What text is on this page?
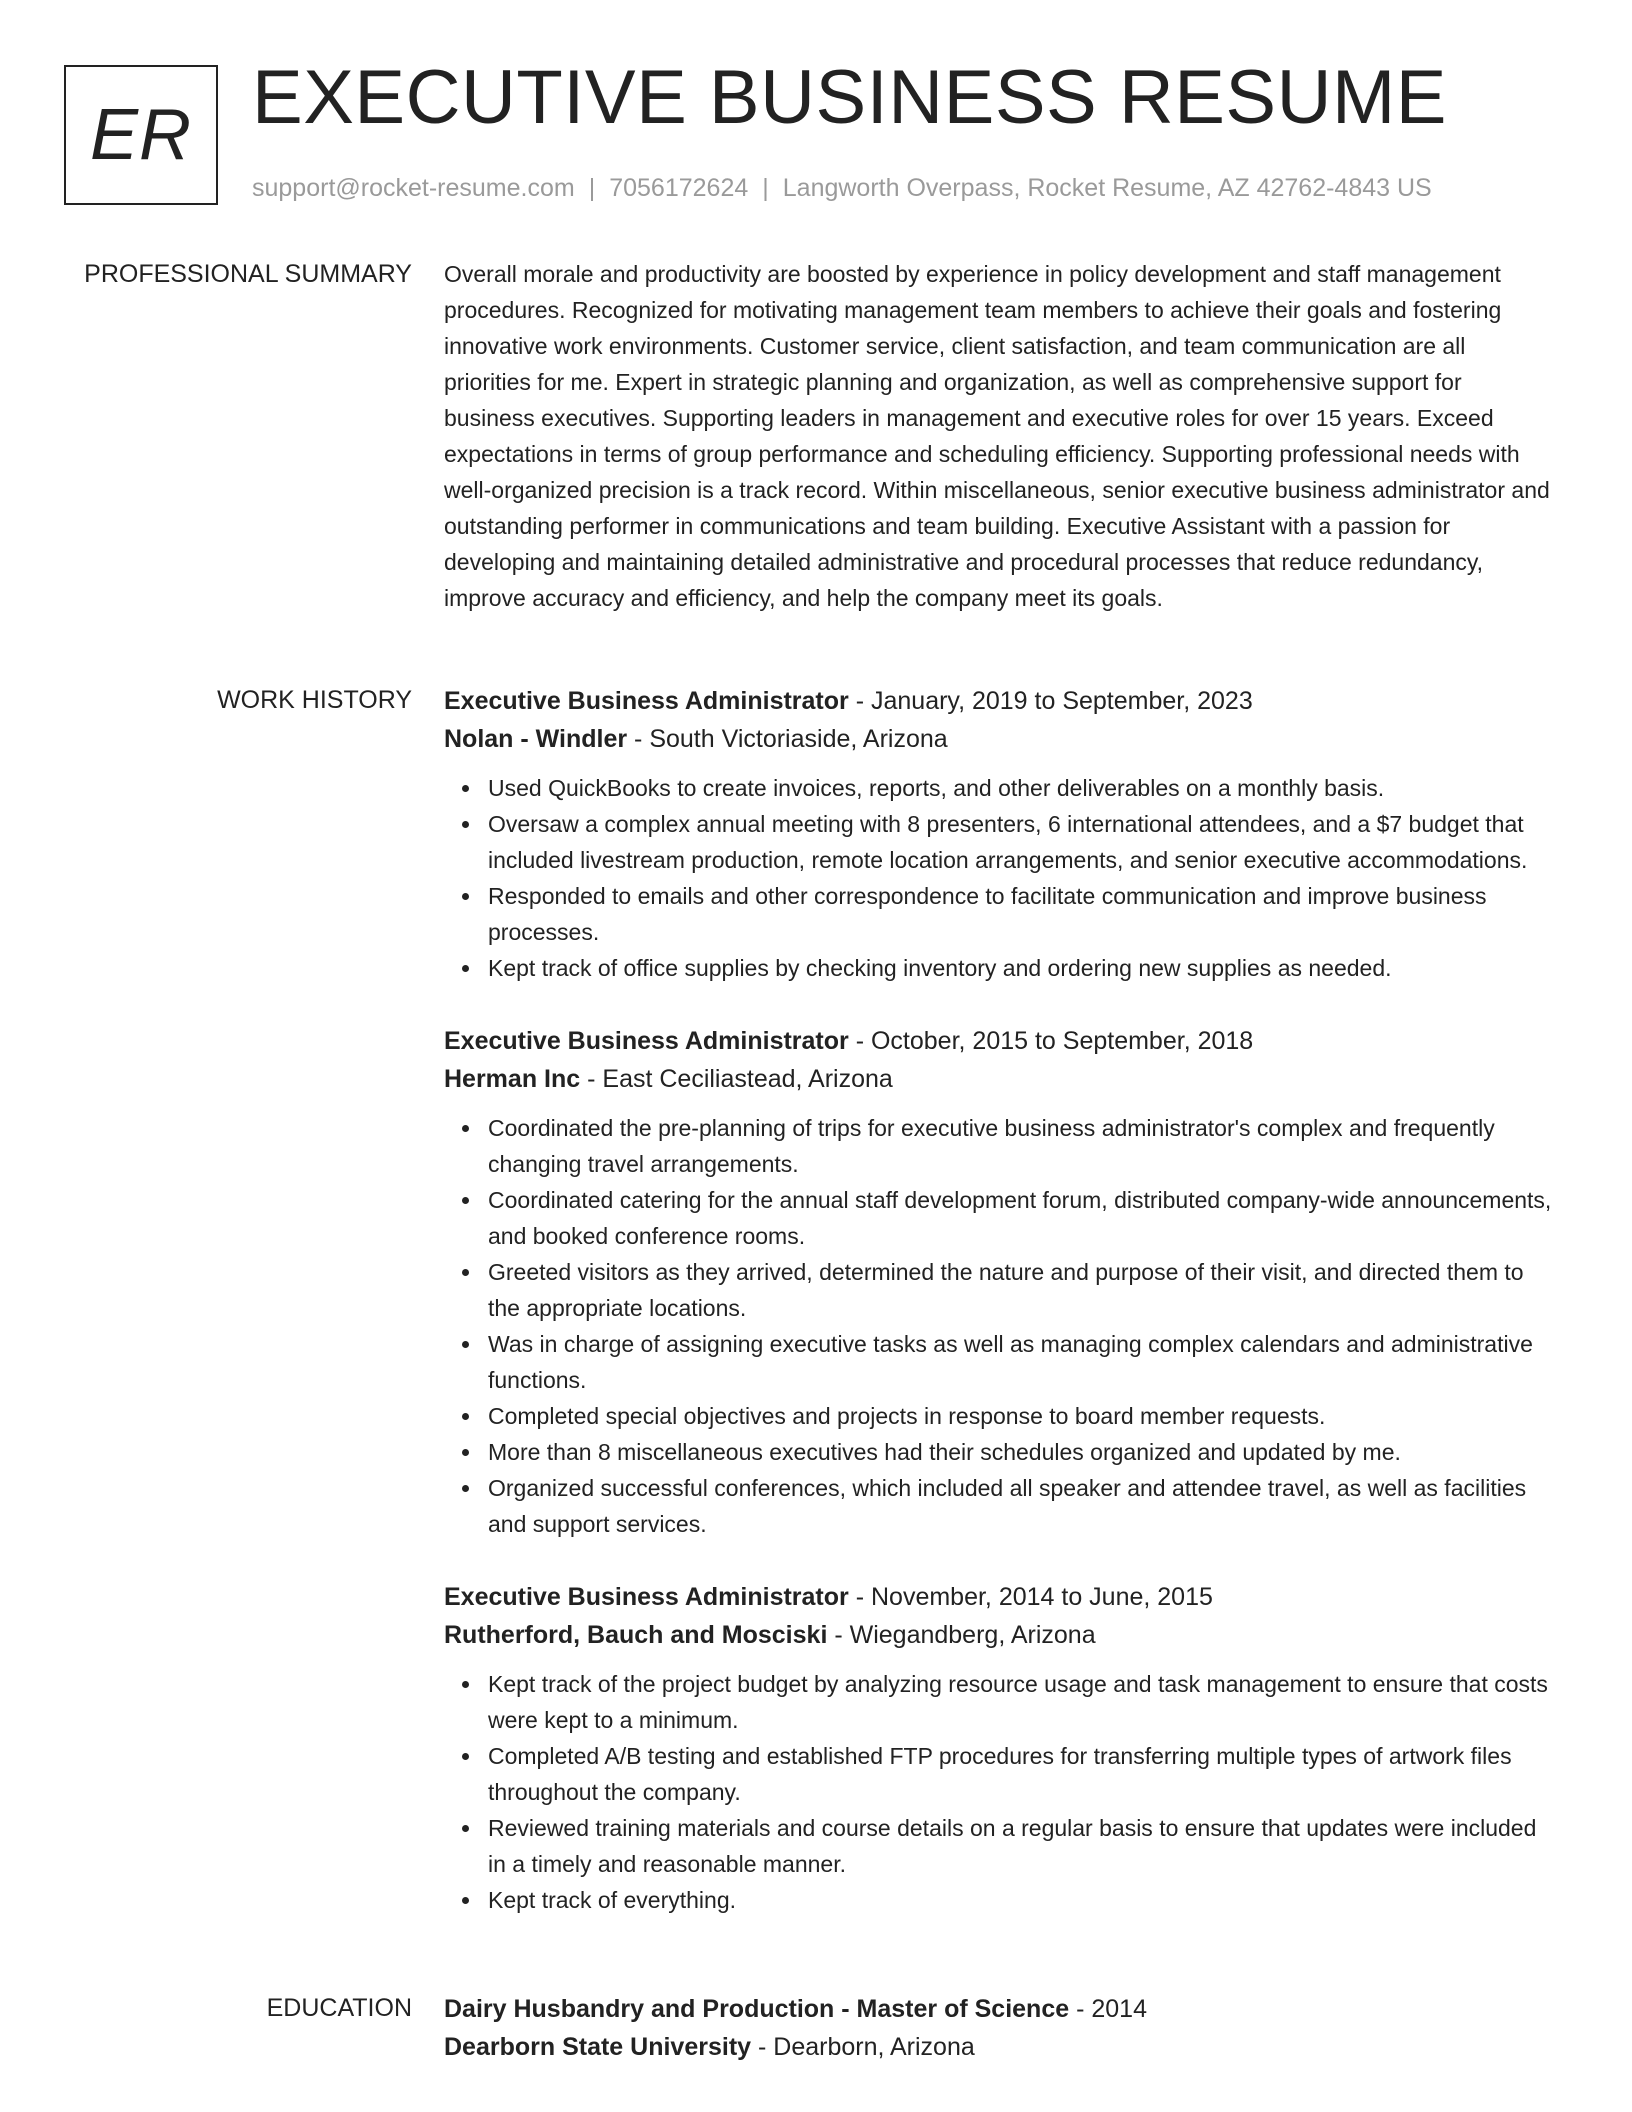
ER EXECUTIVE BUSINESS RESUME
support@rocket-resume.com | 7056172624 | Langworth Overpass, Rocket Resume, AZ 42762-4843 US
PROFESSIONAL SUMMARY Overall morale and productivity are boosted by experience in policy development and staff management procedures. Recognized for motivating management team members to achieve their goals and fostering innovative work environments. Customer service, client satisfaction, and team communication are all priorities for me. Expert in strategic planning and organization, as well as comprehensive support for business executives. Supporting leaders in management and executive roles for over 15 years. Exceed expectations in terms of group performance and scheduling efficiency. Supporting professional needs with well-organized precision is a track record. Within miscellaneous, senior executive business administrator and outstanding performer in communications and team building. Executive Assistant with a passion for developing and maintaining detailed administrative and procedural processes that reduce redundancy, improve accuracy and efficiency, and help the company meet its goals.

WORK HISTORY Executive Business Administrator - January, 2019 to September, 2023
Nolan - Windler - South Victoriaside, Arizona
Used QuickBooks to create invoices, reports, and other deliverables on a monthly basis.
Oversaw a complex annual meeting with 8 presenters, 6 international attendees, and a $7 budget that included livestream production, remote location arrangements, and senior executive accommodations.
Responded to emails and other correspondence to facilitate communication and improve business processes.
Kept track of office supplies by checking inventory and ordering new supplies as needed.
Executive Business Administrator - October, 2015 to September, 2018
Herman Inc - East Ceciliastead, Arizona
Coordinated the pre-planning of trips for executive business administrator's complex and frequently changing travel arrangements.
Coordinated catering for the annual staff development forum, distributed company-wide announcements, and booked conference rooms.
Greeted visitors as they arrived, determined the nature and purpose of their visit, and directed them to the appropriate locations.
Was in charge of assigning executive tasks as well as managing complex calendars and administrative functions.
Completed special objectives and projects in response to board member requests.
More than 8 miscellaneous executives had their schedules organized and updated by me.
Organized successful conferences, which included all speaker and attendee travel, as well as facilities and support services.
Executive Business Administrator - November, 2014 to June, 2015
Rutherford, Bauch and Mosciski - Wiegandberg, Arizona
Kept track of the project budget by analyzing resource usage and task management to ensure that costs were kept to a minimum.
Completed A/B testing and established FTP procedures for transferring multiple types of artwork files throughout the company.
Reviewed training materials and course details on a regular basis to ensure that updates were included in a timely and reasonable manner.
Kept track of everything.
EDUCATION Dairy Husbandry and Production - Master of Science - 2014
Dearborn State University - Dearborn, Arizona
